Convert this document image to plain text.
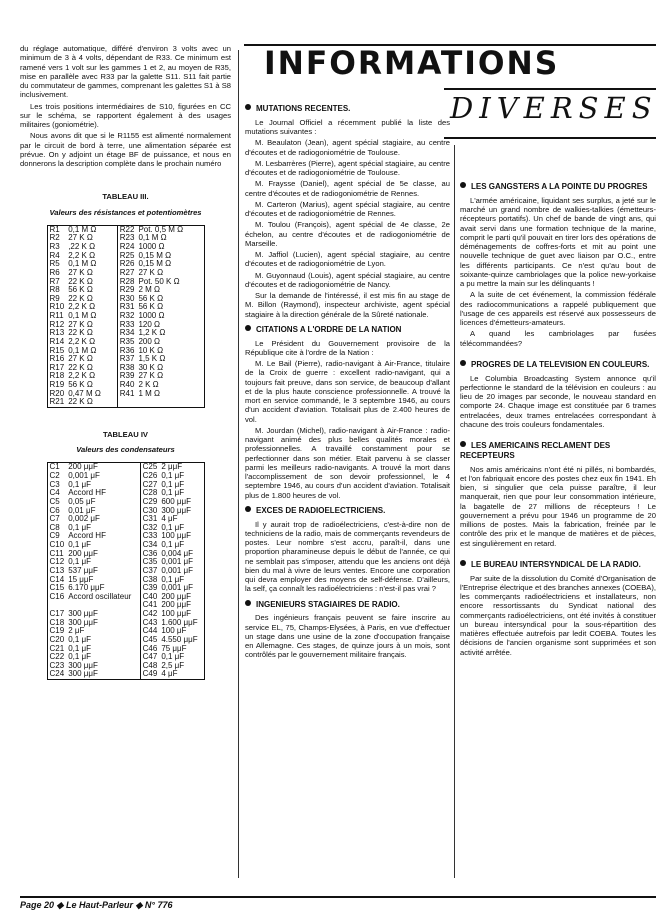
du réglage automatique, différé d'environ 3 volts avec un minimum de 3 à 4 volts, dépendant de R33. Ce minimum est ramené vers 1 volt sur les gammes 1 et 2, au moyen de R35, mise en parallèle avec R33 par la galette S11. S11 fait partie du commutateur de gammes, comprenant les galettes S1 à S8 inclusivement.

Les trois positions intermédiaires de S10, figurées en CC sur le schéma, se rapportent également à des usages militaires (goniométrie).

Nous avons dit que si le R1155 est alimenté normalement par le circuit de bord à terre, une alimentation séparée est prévue. On y adjoint un étage BF de puissance, et nous en donnerons la description complète dans le prochain numéro

TABLEAU III.
Valeurs des résistances et potentiomètres
R1	0,1 M Ω	R22	Pot. 0,5 M Ω
R2	27 K Ω	R23	0,1 M Ω
R3	,22 K Ω	R24	1000 Ω
R4	2,2 K Ω	R25	0,15 M Ω
R5	0,1 M Ω	R26	0,15 M Ω
R6	27 K Ω	R27	27 K Ω
R7	22 K Ω	R28	Pot. 50 K Ω
R8	56 K Ω	R29	2 M Ω
R9	22 K Ω	R30	56 K Ω
R10	2,2 K Ω	R31	56 K Ω
R11	0,1 M Ω	R32	1000 Ω
R12	27 K Ω	R33	120 Ω
R13	22 K Ω	R34	1,2 K Ω
R14	2,2 K Ω	R35	200 Ω
R15	0,1 M Ω	R36	10 K Ω
R16	27 K Ω	R37	1,5 K Ω
R17	22 K Ω	R38	30 K Ω
R18	2,2 K Ω	R39	27 K Ω
R19	56 K Ω	R40	2 K Ω
R20	0,47 M Ω	R41	1 M Ω
R21	22 K Ω		
TABLEAU IV
Valeurs des condensateurs
C1	200 μμF	C25	2 μμF
C2	0,001 μF	C26	0,1 μF
C3	0,1 μF	C27	0,1 μF
C4	Accord HF	C28	0,1 μF
C5	0,05 μF	C29	600 μμF
C6	0,01 μF	C30	300 μμF
C7	0,002 μF	C31	4 μF
C8	0,1 μF	C32	0,1 μF
C9	Accord HF	C33	100 μμF
C10	0,1 μF	C34	0,1 μF
C11	200 μμF	C36	0,004 μF
C12	0,1 μF	C35	0,001 μF
C13	537 μμF	C37	0,001 μF
C14	15 μμF	C38	0,1 μF
C15	6.170 μμF	C39	0,001 μF
C16	Accord oscillateur	C40	200 μμF
		C41	200 μμF
C17	300 μμF	C42	100 μμF
C18	300 μμF	C43	1.600 μμF
C19	2 μF	C44	100 μF
C20	0,1 μF	C45	4.550 μμF
C21	0,1 μF	C46	75 μμF
C22	0,1 μF	C47	0,1 μF
C23	300 μμF	C48	2,5 μF
C24	300 μμF	C49	4 μF
INFORMATIONS
DIVERSES
MUTATIONS RECENTES.

Le Journal Officiel a récemment publié la liste des mutations suivantes :

M. Beaulaton (Jean), agent spécial stagiaire, au centre d'écoutes et de radiogoniométrie de Toulouse.

M. Lesbarrères (Pierre), agent spécial stagiaire, au centre d'écoutes et de radiogoniométrie de Toulouse.

M. Fraysse (Daniel), agent spécial de 5e classe, au centre d'écoutes et de radiogoniométrie de Rennes.

M. Carteron (Marius), agent spécial stagiaire, au centre d'écoutes et de radiogoniométrie de Rennes.

M. Toulou (François), agent spécial de 4e classe, 2e échelon, au centre d'écoutes et de radiogoniométrie de Marseille.

M. Jaffiol (Lucien), agent spécial stagiaire, au centre d'écoutes et de radiogoniométrie de Lyon.

M. Guyonnaud (Louis), agent spécial stagiaire, au centre d'écoutes et de radiogoniométrie de Nancy.

Sur la demande de l'intéressé, il est mis fin au stage de M. Billon (Raymond), inspecteur archiviste, agent spécial stagiaire à la direction générale de la Sûreté nationale.

CITATIONS A L'ORDRE DE LA NATION

Le Président du Gouvernement provisoire de la République cite à l'ordre de la Nation :

M. Le Bail (Pierre), radio-navigant à Air-France, titulaire de la Croix de guerre : excellent radio-navigant, qui a toujours fait preuve, dans son service, de beaucoup d'allant et de la plus haute conscience professionnelle. A trouvé la mort en service commandé, le 3 septembre 1946, au cours d'un accident d'aviation. Totalisait plus de 2.400 heures de vol.

M. Jourdan (Michel), radio-navigant à Air-France : radio-navigant animé des plus belles qualités morales et professionnelles. A travaillé constamment pour se perfectionner dans son métier. Etait parvenu à se classer parmi les meilleurs radio-navigants. A trouvé la mort dans l'accomplissement de son devoir professionnel, le 4 septembre 1946, au cours d'un accident d'aviation. Totalisait plus de 1.800 heures de vol.

EXCES DE RADIOELECTRICIENS.

Il y aurait trop de radioélectriciens, c'est-à-dire non de techniciens de la radio, mais de commerçants revendeurs de postes. Leur nombre s'est accru, paraît-il, dans une proportion pharamineuse depuis le début de l'année, ce qui ne semblait pas s'imposer, attendu que les anciens ont déjà bien du mal à vivre de leurs ventes. Encore une corporation qui devra employer des moyens de self-défense. D'ailleurs, la self, ça connaît les radioélectriciens : n'est-il pas vrai ?

INGENIEURS STAGIAIRES DE RADIO.

Des ingénieurs français peuvent se faire inscrire au service EL, 75, Champs-Elysées, à Paris, en vue d'effectuer un stage dans une usine de la zone d'occupation française en Allemagne. Ces stages, de quinze jours à un mois, sont contrôlés par le gouvernement militaire français.

LES GANGSTERS A LA POINTE DU PROGRES

L'armée américaine, liquidant ses surplus, a jeté sur le marché un grand nombre de walkies-talkies (émetteurs-récepteurs portatifs). Un chef de bande de vingt ans, qui avait servi dans une formation technique de la marine, comprit le parti qu'il pouvait en tirer lors des opérations de déménagements de coffres-forts et mit au point une nouvelle technique de guet avec liaison par O.C., entre les différents participants. Ce n'est qu'au bout de soixante-quinze cambriolages que la police new-yorkaise a pu mettre la main sur les délinquants !

A la suite de cet événement, la commission fédérale des radiocommunications a rappelé publiquement que l'usage de ces appareils est réservé aux possesseurs de licences d'émetteurs-amateurs.

A quand les cambriolages par fusées télécommandées?

PROGRES DE LA TELEVISION EN COULEURS.

Le Columbia Broadcasting System annonce qu'il perfectionne le standard de la télévision en couleurs : au lieu de 20 images par seconde, le nouveau standard en comporte 24. Chaque image est constituée par 6 trames entrelacées, deux trames entrelacées correspondant à chacune des trois couleurs fondamentales.

LES AMERICAINS RECLAMENT DES RECEPTEURS

Nos amis américains n'ont été ni pillés, ni bombardés, et l'on fabriquait encore des postes chez eux fin 1941. Eh bien, si singulier que cela puisse paraître, il leur manquerait, rien que pour leur consommation intérieure, la bagatelle de 27 millions de récepteurs ! Le gouvernement a prévu pour 1946 un programme de 20 millions de postes. Mais la fabrication, freinée par le contrôle des prix et le manque de matières et de pièces, est singulièrement en retard.

LE BUREAU INTERSYNDICAL DE LA RADIO.

Par suite de la dissolution du Comité d'Organisation de l'Entreprise électrique et des branches annexes (COEBA), les commerçants radioélectriciens et installateurs, non encore ressortissants du Syndicat national des commerçants radioélectriciens, ont été invités à constituer un bureau intersyndical pour la sous-répartition des matières effectuée autrefois par ledit COEBA. Toutes les décisions de l'ancien organisme sont supprimées et son activité arrêtée.

Page 20 ◆ Le Haut-Parleur ◆ N° 776
